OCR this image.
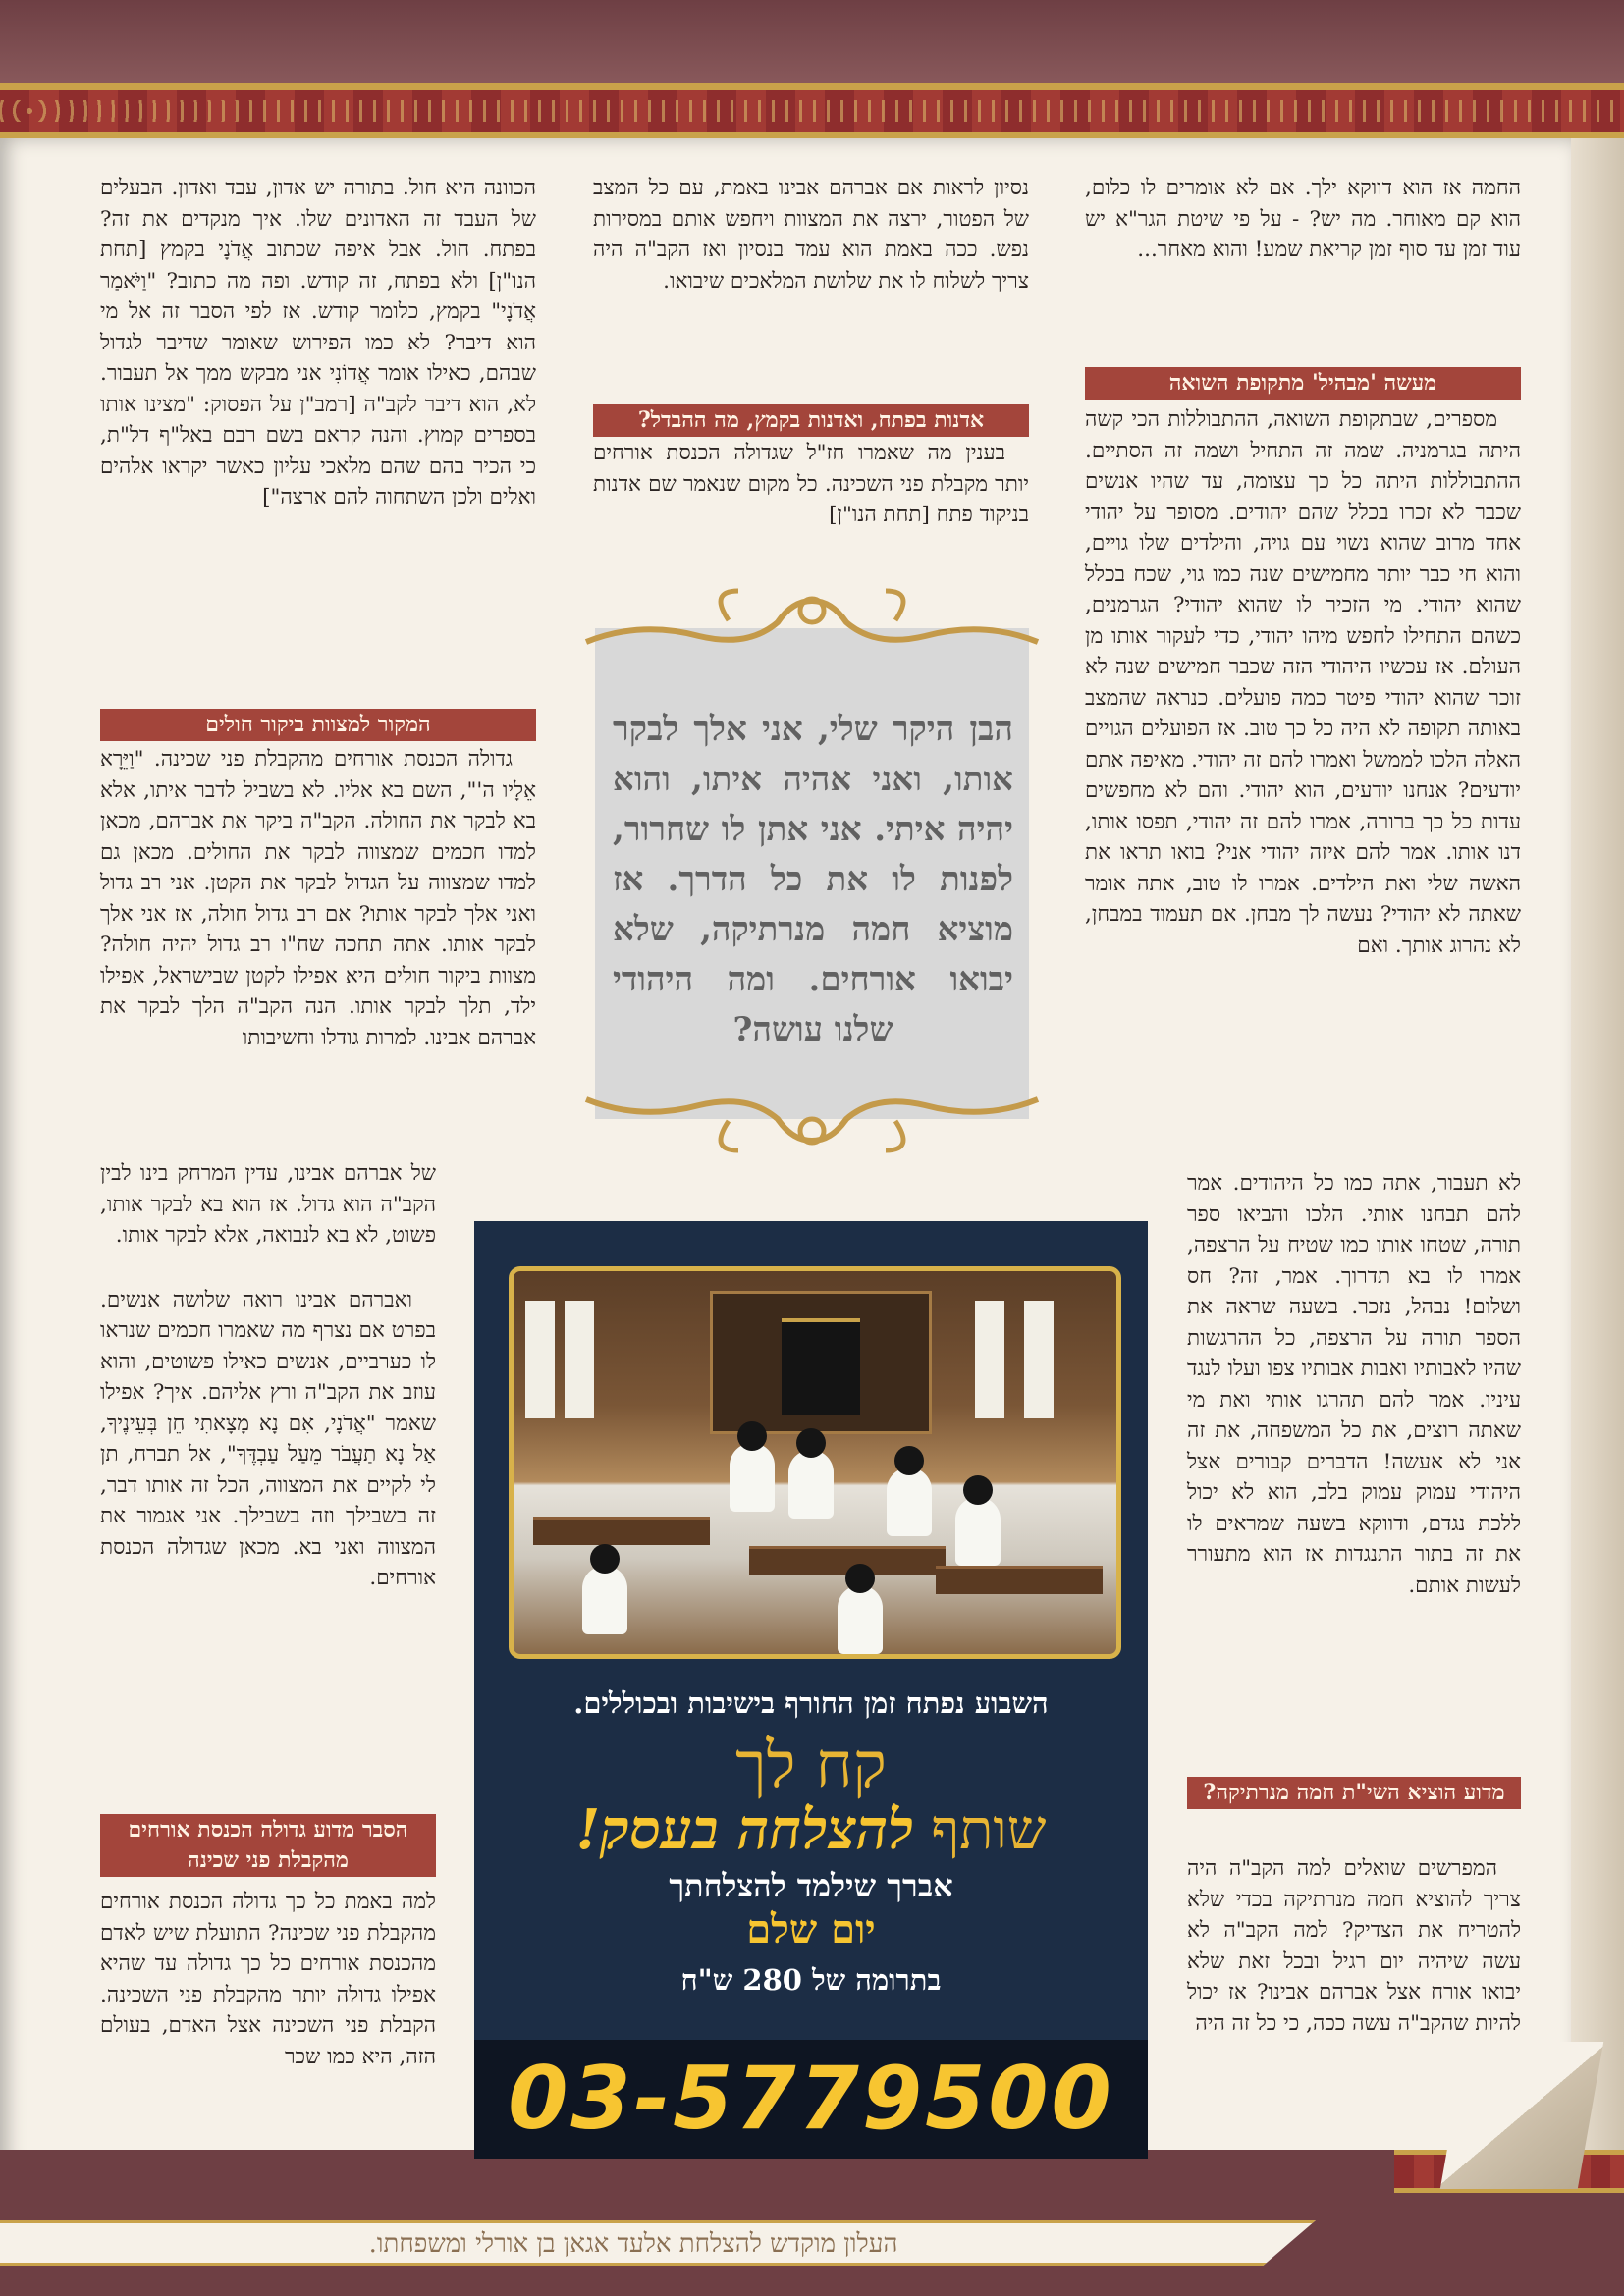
החמה אז הוא דווקא ילך. אם לא אומרים לו כלום, הוא קם מאוחר. מה יש? - על פי שיטת הגר"א יש עוד זמן עד סוף זמן קריאת שמע! והוא מאחר...

מעשה 'מבהיל' מתקופת השואה

מספרים, שבתקופת השואה, ההתבוללות הכי קשה היתה בגרמניה. שמה זה התחיל ושמה זה הסתיים. ההתבוללות היתה כל כך עצומה, עד שהיו אנשים שכבר לא זכרו בכלל שהם יהודים. מסופר על יהודי אחד מרוב שהוא נשוי עם גויה, והילדים שלו גויים, והוא חי כבר יותר מחמישים שנה כמו גוי, שכח בכלל שהוא יהודי. מי הזכיר לו שהוא יהודי? הגרמנים, כשהם התחילו לחפש מיהו יהודי, כדי לעקור אותו מן העולם. אז עכשיו היהודי הזה שכבר חמישים שנה לא זוכר שהוא יהודי פיטר כמה פועלים. כנראה שהמצב באותה תקופה לא היה כל כך טוב. אז הפועלים הגויים האלה הלכו לממשל ואמרו להם זה יהודי. מאיפה אתם יודעים? אנחנו יודעים, הוא יהודי. והם לא מחפשים עדות כל כך ברורה, אמרו להם זה יהודי, תפסו אותו, דנו אותו. אמר להם איזה יהודי אני? בואו תראו את האשה שלי ואת הילדים. אמרו לו טוב, אתה אומר שאתה לא יהודי? נעשה לך מבחן. אם תעמוד במבחן, לא נהרוג אותך. ואם

לא תעבור, אתה כמו כל היהודים. אמר להם תבחנו אותי. הלכו והביאו ספר תורה, שטחו אותו כמו שטיח על הרצפה, אמרו לו בא תדרוך. אמר, זה? חס ושלום! נבהל, נזכר. בשעה שראה את הספר תורה על הרצפה, כל ההרגשות שהיו לאבותיו ואבות אבותיו צפו ועלו לנגד עיניו. אמר להם תהרגו אותי ואת מי שאתה רוצים, את כל המשפחה, את זה אני לא אעשה! הדברים קבורים אצל היהודי עמוק עמוק בלב, הוא לא יכול ללכת נגדם, ודווקא בשעה שמראים לו את זה בתור התנגדות אז הוא מתעורר לעשות אותם.

מדוע הוציא השי"ת חמה מנרתיקה?

המפרשים שואלים למה הקב"ה היה צריך להוציא חמה מנרתיקה בכדי שלא להטריח את הצדיק? למה הקב"ה לא עשה שיהיה יום רגיל ובכל זאת שלא יבואו אורח אצל אברהם אבינו? אז יכול להיות שהקב"ה עשה ככה, כי כל זה היה

נסיון לראות אם אברהם אבינו באמת, עם כל המצב של הפטור, ירצה את המצוות ויחפש אותם במסירות נפש. ככה באמת הוא עמד בנסיון ואז הקב"ה היה צריך לשלוח לו את שלושת המלאכים שיבואו.

אדנות בפתח, ואדנות בקמץ, מה ההבדל?

בענין מה שאמרו חז"ל שגדולה הכנסת אורחים יותר מקבלת פני השכינה. כל מקום שנאמר שם אדנות בניקוד פתח [תחת הנו"ן]

הבן היקר שלי, אני אלך לבקר אותו, ואני אהיה איתו, והוא יהיה איתי. אני אתן לו שחרור, לפנות לו את כל הדרך. אז מוציא חמה מנרתיקה, שלא יבואו אורחים. ומה היהודי שלנו עושה?

הכוונה היא חול. בתורה יש אדון, עבד ואדון. הבעלים של העבד זה האדונים שלו. איך מנקדים את זה? בפתח. חול. אבל איפה שכתוב אֲדֹנָי בקמץ [תחת הנו"ן] ולא בפתח, זה קודש. ופה מה כתוב? "וַיֹּאמַר אֲדֹנָי" בקמץ, כלומר קודש. אז לפי הסבר זה אל מי הוא דיבר? לא כמו הפירוש שאומר שדיבר לגדול שבהם, כאילו אומר אֲדוֹנִי אני מבקש ממך אל תעבור. לא, הוא דיבר לקב"ה [רמב"ן על הפסוק: "מצינו אותו בספרים קמוץ. והנה קראם בשם רבם באל"ף דל"ת, כי הכיר בהם שהם מלאכי עליון כאשר יקראו אלהים ואלים ולכן השתחוה להם ארצה"]

המקור למצוות ביקור חולים

גדולה הכנסת אורחים מהקבלת פני שכינה. "וַיֵּרָא אֵלָיו ה'", השם בא אליו. לא בשביל לדבר איתו, אלא בא לבקר את החולה. הקב"ה ביקר את אברהם, מכאן למדו חכמים שמצווה לבקר את החולים. מכאן גם למדו שמצווה על הגדול לבקר את הקטן. אני רב גדול ואני אלך לבקר אותו? אם רב גדול חולה, אז אני אלך לבקר אותו. אתה תחכה שח"ו רב גדול יהיה חולה? מצוות ביקור חולים היא אפילו לקטן שבישראל, אפילו ילד, תלך לבקר אותו. הנה הקב"ה הלך לבקר את אברהם אבינו. למרות גודלו וחשיבותו

של אברהם אבינו, עדין המרחק בינו לבין הקב"ה הוא גדול. אז הוא בא לבקר אותו, פשוט, לא בא לנבואה, אלא לבקר אותו.

ואברהם אבינו רואה שלושה אנשים. בפרט אם נצרף מה שאמרו חכמים שנראו לו כערביים, אנשים כאילו פשוטים, והוא עוזב את הקב"ה ורץ אליהם. איך? אפילו שאמר "אֲדֹנָי, אִם נָא מָצָאתִי חֵן בְּעֵינֶיךָ, אַל נָא תַעֲבֹר מֵעַל עַבְדֶּךָ", אל תברח, תן לי לקיים את המצווה, הכל זה אותו דבר, זה בשבילך וזה בשבילך. אני אגמור את המצווה ואני בא. מכאן שגדולה הכנסת אורחים.

הסבר מדוע גדולה הכנסת אורחים מהקבלת פני שכינה

למה באמת כל כך גדולה הכנסת אורחים מהקבלת פני שכינה? התועלת שיש לאדם מהכנסת אורחים כל כך גדולה עד שהיא אפילו גדולה יותר מהקבלת פני השכינה. הקבלת פני השכינה אצל האדם, בעולם הזה, היא כמו שכר

השבוע נפתח זמן החורף בישיבות ובכוללים.
קח לך
שותף להצלחה בעסק!
אברך שילמד להצלחתך
יום שלם
בתרומה של 280 ש"ח
03-5779500
העלון מוקדש להצלחת אלעד אגאן בן אורלי ומשפחתו.
